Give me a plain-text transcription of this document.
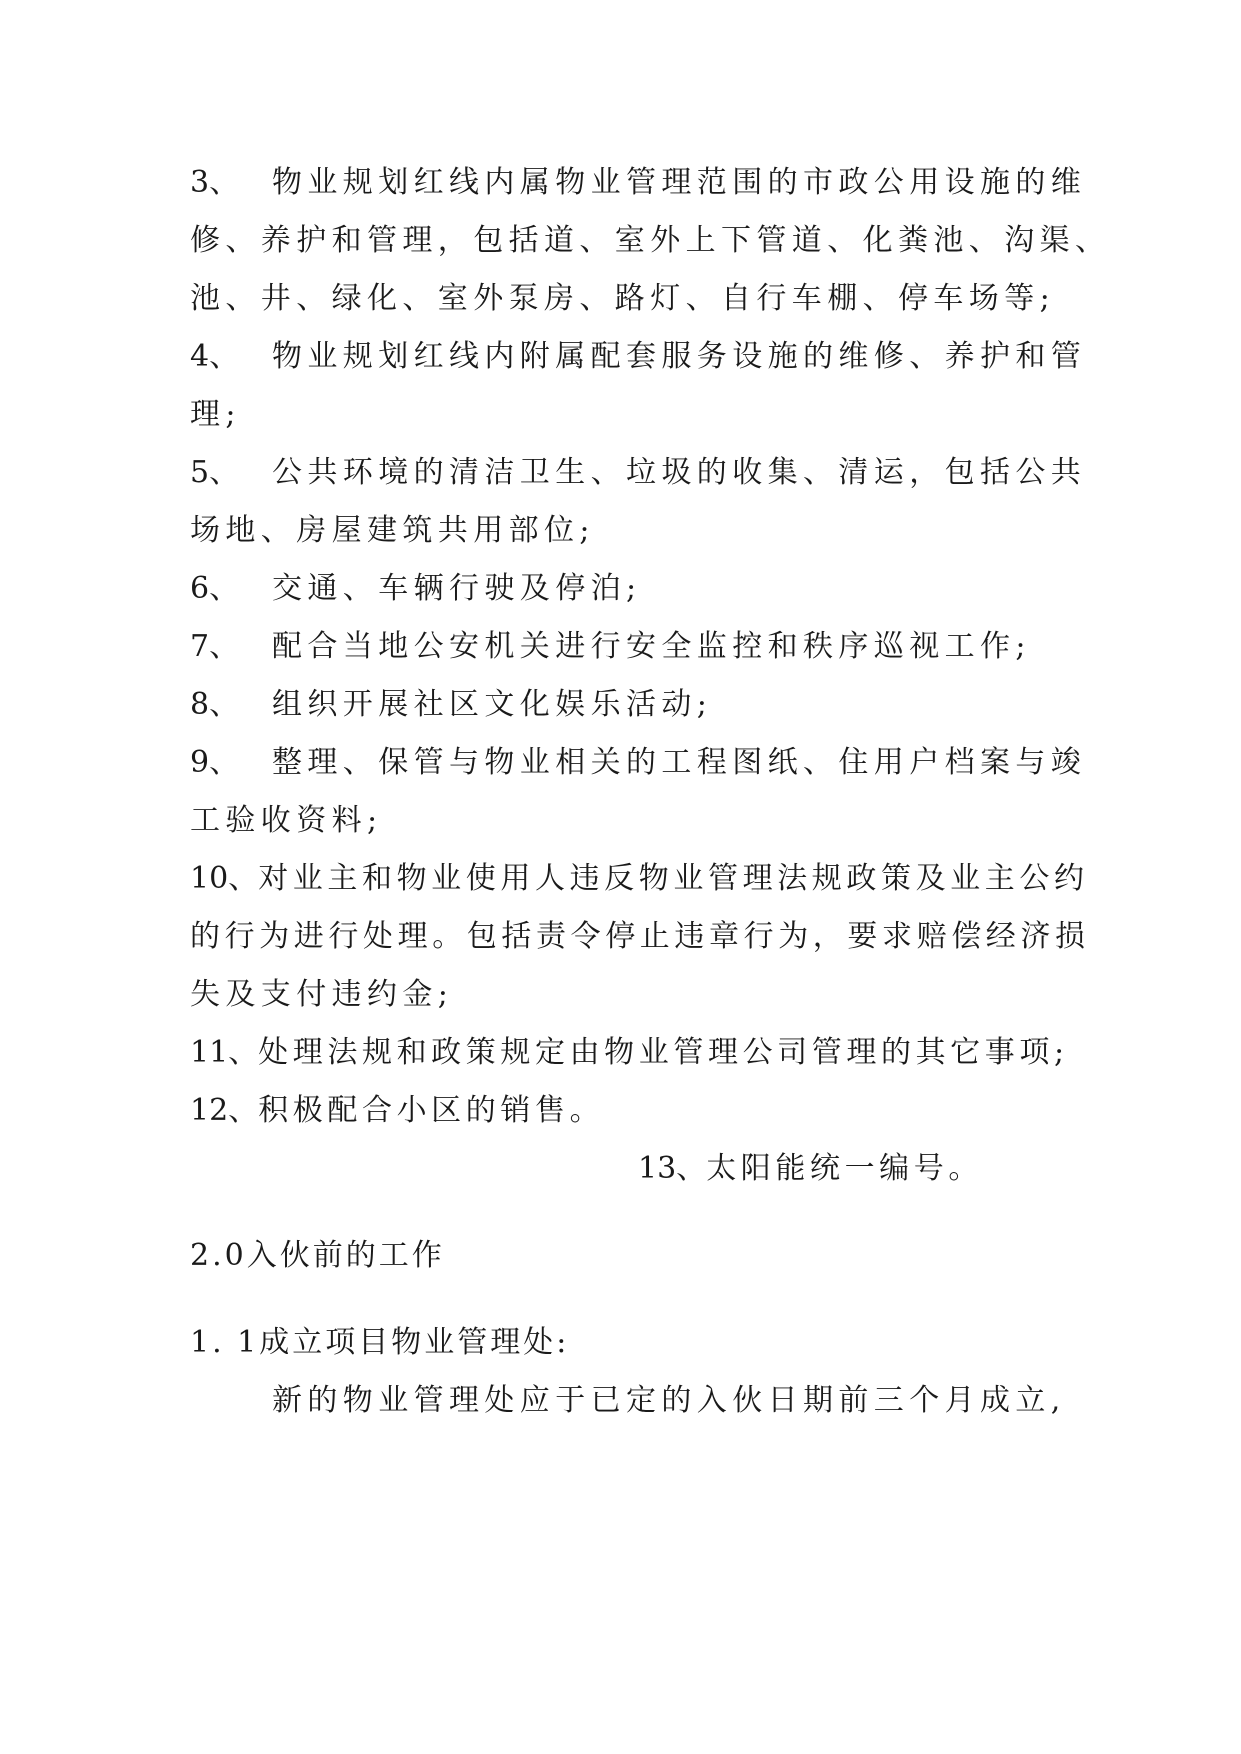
3、 物业规划红线内属物业管理范围的市政公用设施的维
修、养护和管理，包括道、室外上下管道、化粪池、沟渠、
池、井、绿化、室外泵房、路灯、自行车棚、停车场等;
4、 物业规划红线内附属配套服务设施的维修、养护和管
理;
5、 公共环境的清洁卫生、垃圾的收集、清运，包括公共
场地、房屋建筑共用部位;
6、 交通、车辆行驶及停泊;
7、 配合当地公安机关进行安全监控和秩序巡视工作;
8、 组织开展社区文化娱乐活动;
9、 整理、保管与物业相关的工程图纸、住用户档案与竣
工验收资料;
10、对业主和物业使用人违反物业管理法规政策及业主公约
的行为进行处理。包括责令停止违章行为，要求赔偿经济损
失及支付违约金;
11、处理法规和政策规定由物业管理公司管理的其它事项;
12、积极配合小区的销售。
13、太阳能统一编号。
2.0入伙前的工作
1. 1成立项目物业管理处:
新的物业管理处应于已定的入伙日期前三个月成立,
